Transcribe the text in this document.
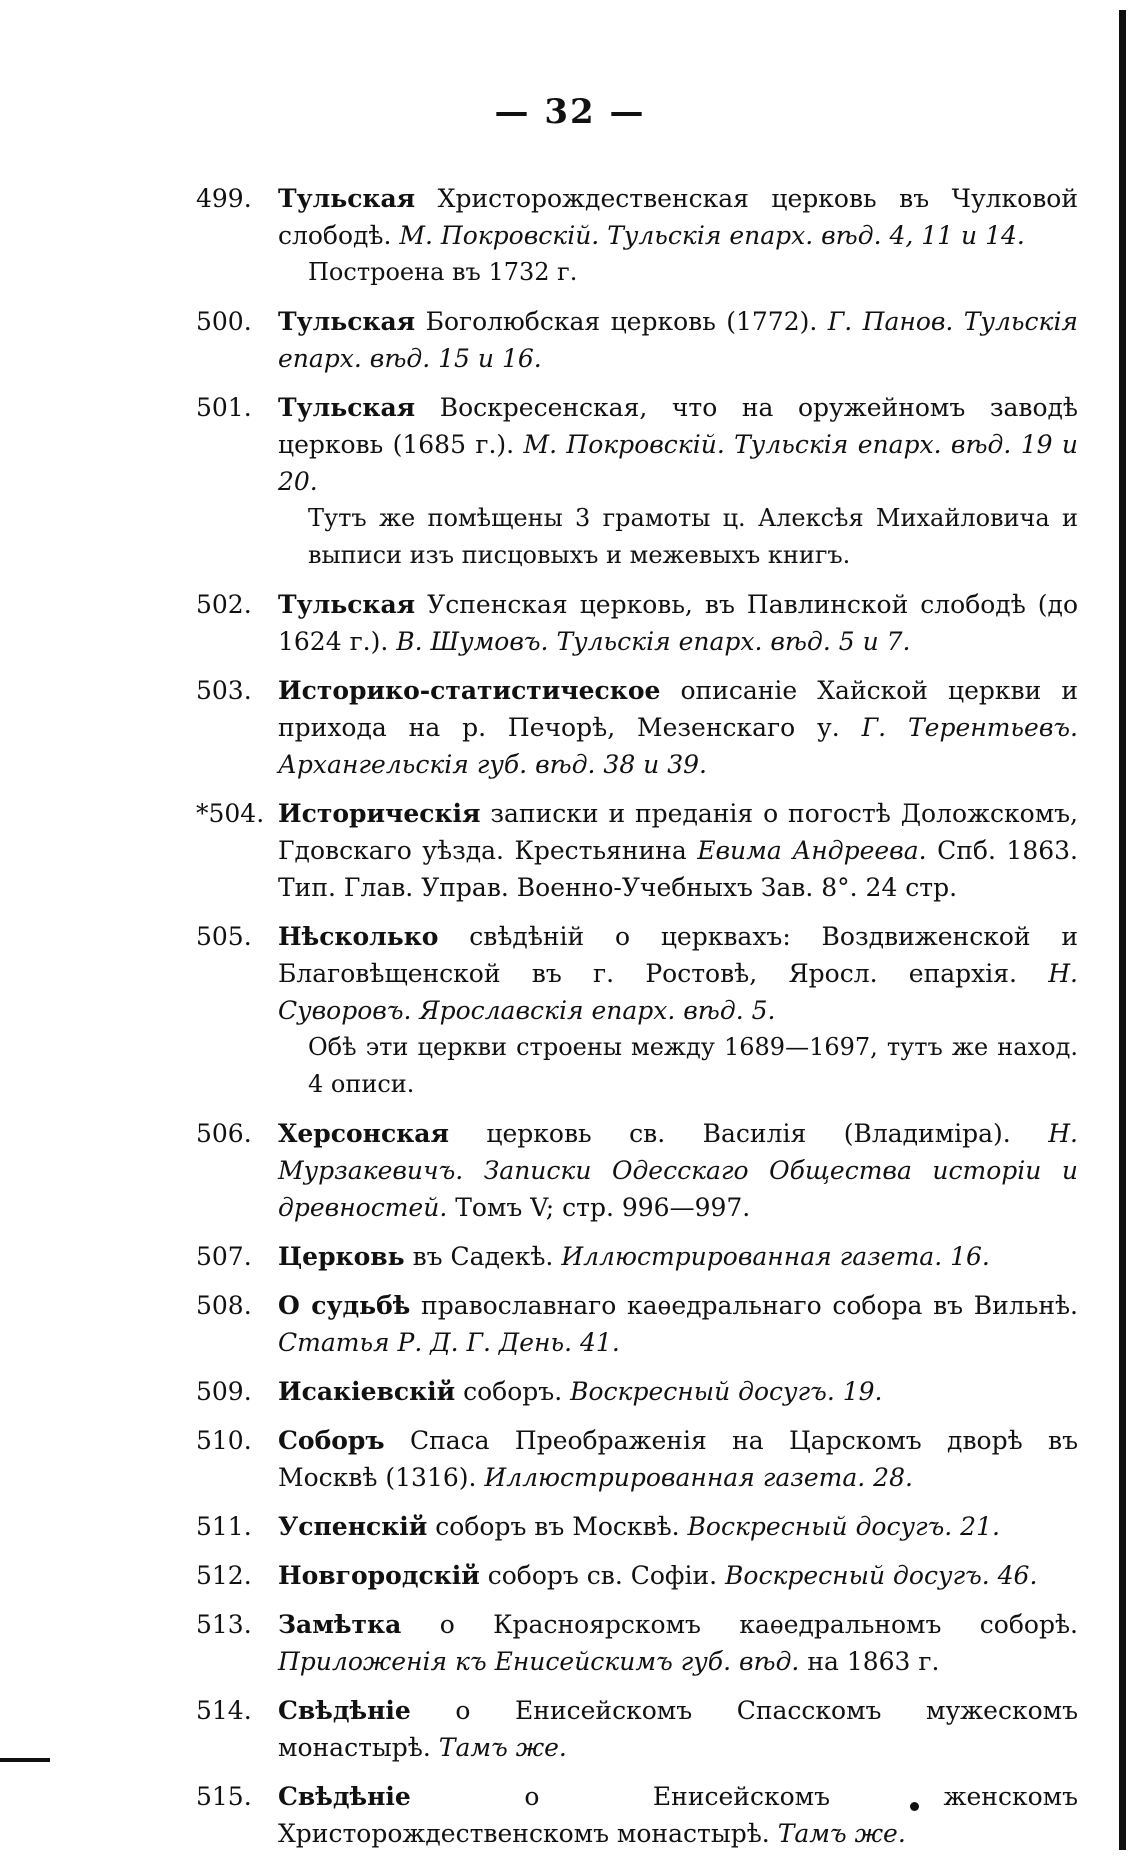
— 32 —
499.	Тульская Христорождественская церковь въ Чулковой слободѣ. М. Покровскій. Тульскія епарх. вѣд. 4, 11 и 14.
Построена въ 1732 г.
500.	Тульская Боголюбская церковь (1772). Г. Панов. Тульскія епарх. вѣд. 15 и 16.
501.	Тульская Воскресенская, что на оружейномъ заводѣ церковь (1685 г.). М. Покровскій. Тульскія епарх. вѣд. 19 и 20.
Тутъ же помѣщены 3 грамоты ц. Алексѣя Михайловича и выписи изъ писцовыхъ и межевыхъ книгъ.
502.	Тульская Успенская церковь, въ Павлинской слободѣ (до 1624 г.). В. Шумовъ. Тульскія епарх. вѣд. 5 и 7.
503.	Историко-статистическое описаніе Хайской церкви и прихода на р. Печорѣ, Мезенскаго у. Г. Терентьевъ. Архангельскія губ. вѣд. 38 и 39.
*504. Историческія записки и преданія о погостѣ Доложскомъ, Гдовскаго уѣзда. Крестьянина Евима Андреева. Спб. 1863. Тип. Глав. Управ. Военно-Учебныхъ Зав. 8°. 24 стр.
505.	Нѣсколько свѣдѣній о церквахъ: Воздвиженской и Благовѣщенской въ г. Ростовѣ, Яросл. епархія. Н. Суворовъ. Ярославскія епарх. вѣд. 5.
Обѣ эти церкви строены между 1689—1697, тутъ же наход. 4 описи.
506.	Херсонская церковь св. Василія (Владиміра). Н. Мурзакевичъ. Записки Одесскаго Общества исторіи и древностей. Томъ V; стр. 996—997.
507.	Церковь въ Садекѣ. Иллюстрированная газета. 16.
508.	О судьбѣ православнаго каѳедральнаго собора въ Вильнѣ. Статья Р. Д. Г. День. 41.
509.	Исакіевскій соборъ. Воскресный досугъ. 19.
510.	Соборъ Спаса Преображенія на Царскомъ дворѣ въ Москвѣ (1316). Иллюстрированная газета. 28.
511.	Успенскій соборъ въ Москвѣ. Воскресный досугъ. 21.
512.	Новгородскій соборъ св. Софіи. Воскресный досугъ. 46.
513.	Замѣтка о Красноярскомъ каѳедральномъ соборѣ. Приложенія къ Енисейскимъ губ. вѣд. на 1863 г.
514.	Свѣдѣніе о Енисейскомъ Спасскомъ мужескомъ монастырѣ. Тамъ же.
515.	Свѣдѣніе о Енисейскомъ женскомъ Христорождественскомъ монастырѣ. Тамъ же.
